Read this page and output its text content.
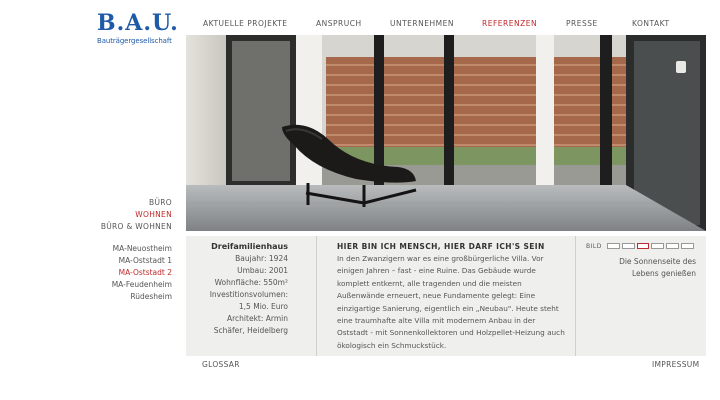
B.A.U.
Bauträgergesellschaft
AKTUELLE PROJEKTE	ANSPRUCH	UNTERNEHMEN	REFERENZEN	PRESSE	KONTAKT
BÜRO
WOHNEN
BÜRO & WOHNEN
MA-Neuostheim
MA-Oststadt 1
MA-Oststadt 2
MA-Feudenheim
Rüdesheim
Dreifamilienhaus
Baujahr: 1924
Umbau: 2001
Wohnfläche: 550m²
Investitionsvolumen:
1,5 Mio. Euro
Architekt: Armin
Schäfer, Heidelberg
HIER BIN ICH MENSCH, HIER DARF ICH'S SEIN
In den Zwanzigern war es eine großbürgerliche Villa. Vor einigen Jahren – fast - eine Ruine. Das Gebäude wurde komplett entkernt, alle tragenden und die meisten Außenwände erneuert, neue Fundamente gelegt: Eine einzigartige Sanierung, eigentlich ein „Neubau". Heute steht eine traumhafte alte Villa mit modernem Anbau in der Oststadt - mit Sonnenkollektoren und Holzpellet-Heizung auch ökologisch ein Schmuckstück.
BILD
Die Sonnenseite des
Lebens genießen
GLOSSAR	IMPRESSUM
